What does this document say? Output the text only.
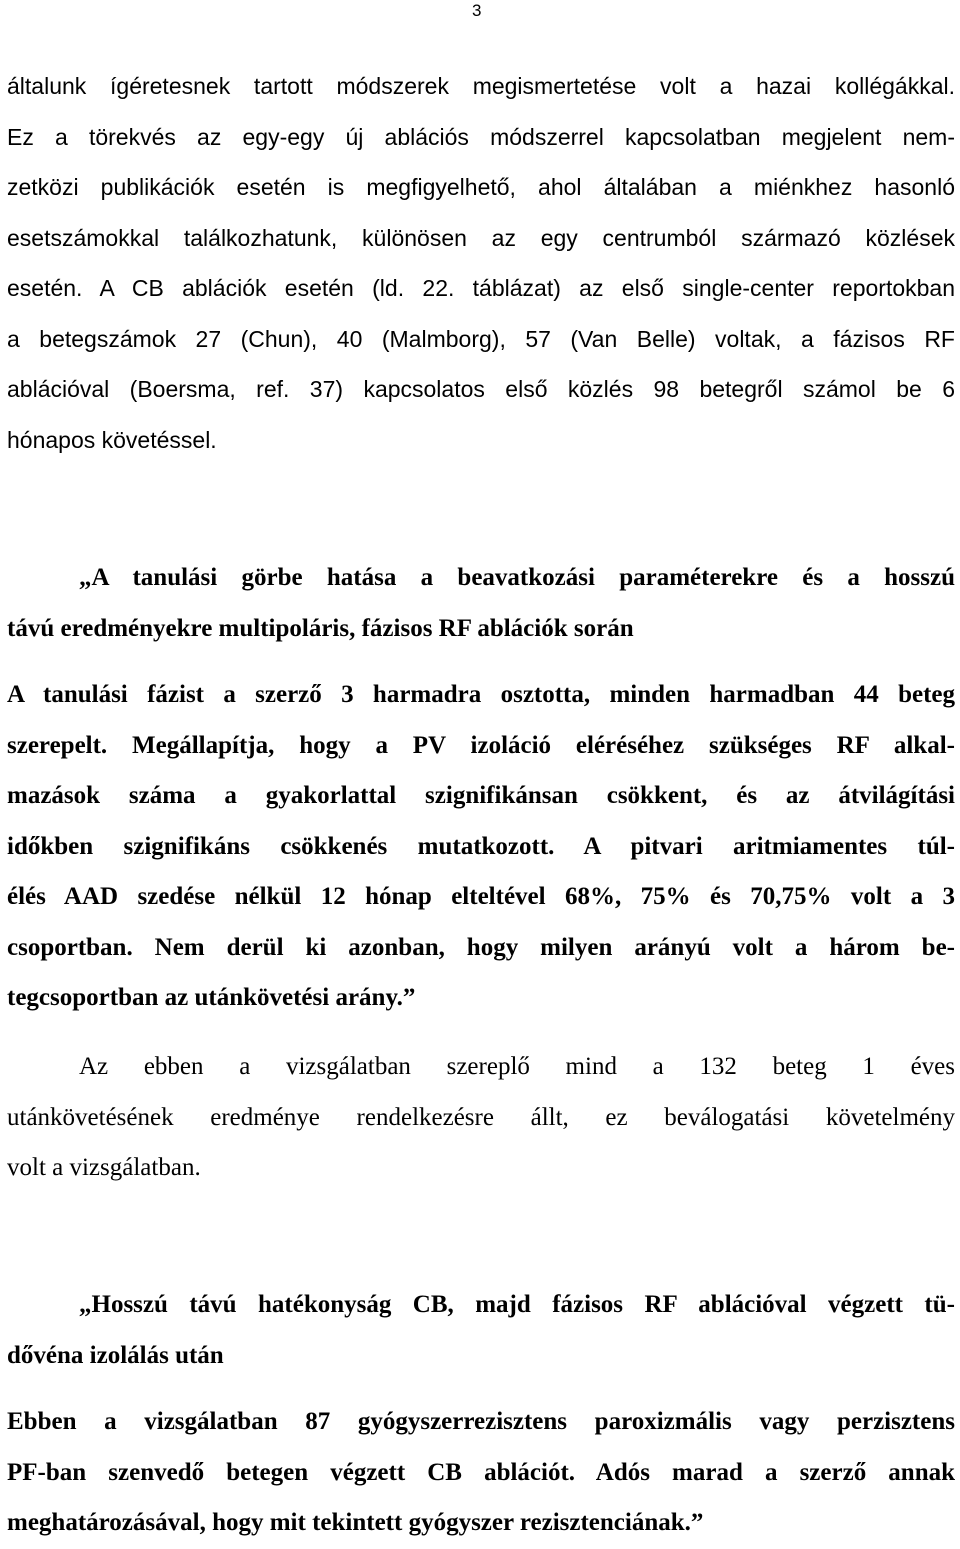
3
általunk ígéretesnek tartott módszerek megismertetése volt a hazai kollégákkal.
Ez a törekvés az egy-egy új ablációs módszerrel kapcsolatban megjelent nem-
zetközi publikációk esetén is megfigyelhető, ahol általában a miénkhez hasonló
esetszámokkal találkozhatunk, különösen az egy centrumból származó közlések
esetén. A CB ablációk esetén (ld. 22. táblázat) az első single-center reportokban
a betegszámok 27 (Chun), 40 (Malmborg), 57 (Van Belle) voltak, a fázisos RF
ablációval (Boersma, ref. 37) kapcsolatos első közlés 98 betegről számol be 6
hónapos követéssel.
„A tanulási görbe hatása a beavatkozási paraméterekre és a hosszú
távú eredményekre multipoláris, fázisos RF ablációk során
A tanulási fázist a szerző 3 harmadra osztotta, minden harmadban 44 beteg
szerepelt. Megállapítja, hogy a PV izoláció eléréséhez szükséges RF alkal-
mazások száma a gyakorlattal szignifikánsan csökkent, és az átvilágítási
időkben szignifikáns csökkenés mutatkozott. A pitvari aritmiamentes túl-
élés AAD szedése nélkül 12 hónap elteltével 68%, 75% és 70,75% volt a 3
csoportban. Nem derül ki azonban, hogy milyen arányú volt a három be-
tegcsoportban az utánkövetési arány.”
Az ebben a vizsgálatban szereplő mind a 132 beteg 1 éves
utánkövetésének eredménye rendelkezésre állt, ez beválogatási követelmény
volt a vizsgálatban.
„Hosszú távú hatékonyság CB, majd fázisos RF ablációval végzett tü-
dővéna izolálás után
Ebben a vizsgálatban 87 gyógyszerrezisztens paroxizmális vagy perzisztens
PF-ban szenvedő betegen végzett CB ablációt. Adós marad a szerző annak
meghatározásával, hogy mit tekintett gyógyszer rezisztenciának.”
